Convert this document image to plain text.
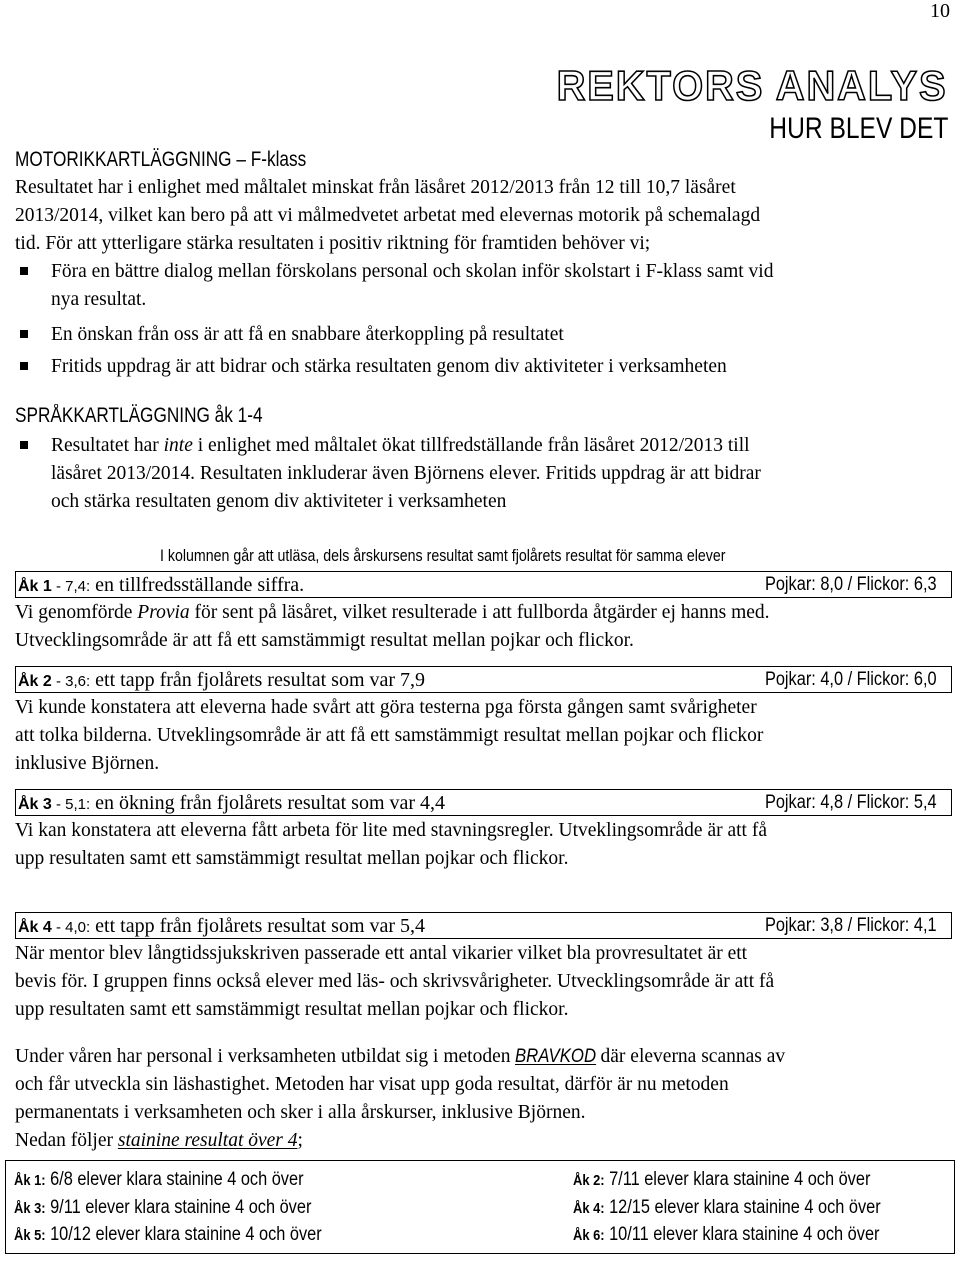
10
REKTORS ANALYS
HUR BLEV DET
MOTORIKKARTLÄGGNING – F-klass
Resultatet har i enlighet med måltalet minskat från läsåret 2012/2013 från 12 till 10,7 läsåret
2013/2014, vilket kan bero på att vi målmedvetet arbetat med elevernas motorik på schemalagd
tid. För att ytterligare stärka resultaten i positiv riktning för framtiden behöver vi;
Föra en bättre dialog mellan förskolans personal och skolan inför skolstart i F-klass samt vid
nya resultat.
En önskan från oss är att få en snabbare återkoppling på resultatet
Fritids uppdrag är att bidrar och stärka resultaten genom div aktiviteter i verksamheten
SPRÅKKARTLÄGGNING åk 1-4
Resultatet har inte i enlighet med måltalet ökat tillfredställande från läsåret 2012/2013 till
läsåret 2013/2014. Resultaten inkluderar även Björnens elever. Fritids uppdrag är att bidrar
och stärka resultaten genom div aktiviteter i verksamheten
I kolumnen går att utläsa, dels årskursens resultat samt fjolårets resultat för samma elever
Åk 1 - 7,4: en tillfredsställande siffra.	Pojkar: 8,0 / Flickor: 6,3
Vi genomförde Provia för sent på läsåret, vilket resulterade i att fullborda åtgärder ej hanns med.
Utvecklingsområde är att få ett samstämmigt resultat mellan pojkar och flickor.
Åk 2 - 3,6: ett tapp från fjolårets resultat som var 7,9	Pojkar: 4,0 / Flickor: 6,0
Vi kunde konstatera att eleverna hade svårt att göra testerna pga första gången samt svårigheter
att tolka bilderna. Utveklingsområde är att få ett samstämmigt resultat mellan pojkar och flickor
inklusive Björnen.
Åk 3 - 5,1: en ökning från fjolårets resultat som var 4,4	Pojkar: 4,8 / Flickor: 5,4
Vi kan konstatera att eleverna fått arbeta för lite med stavningsregler. Utveklingsområde är att få
upp resultaten samt ett samstämmigt resultat mellan pojkar och flickor.
Åk 4 - 4,0: ett tapp från fjolårets resultat som var 5,4	Pojkar: 3,8 / Flickor: 4,1
När mentor blev långtidssjukskriven passerade ett antal vikarier vilket bla provresultatet är ett
bevis för. I gruppen finns också elever med läs- och skrivsvårigheter. Utvecklingsområde är att få
upp resultaten samt ett samstämmigt resultat mellan pojkar och flickor.
Under våren har personal i verksamheten utbildat sig i metoden BRAVKOD där eleverna scannas av
och får utveckla sin läshastighet. Metoden har visat upp goda resultat, därför är nu metoden
permanentats i verksamheten och sker i alla årskurser, inklusive Björnen.
Nedan följer stainine resultat över 4;
Åk 1: 6/8 elever klara stainine 4 och över	Åk 2: 7/11 elever klara stainine 4 och över
Åk 3: 9/11 elever klara stainine 4 och över	Åk 4: 12/15 elever klara stainine 4 och över
Åk 5: 10/12 elever klara stainine 4 och över	Åk 6: 10/11 elever klara stainine 4 och över
